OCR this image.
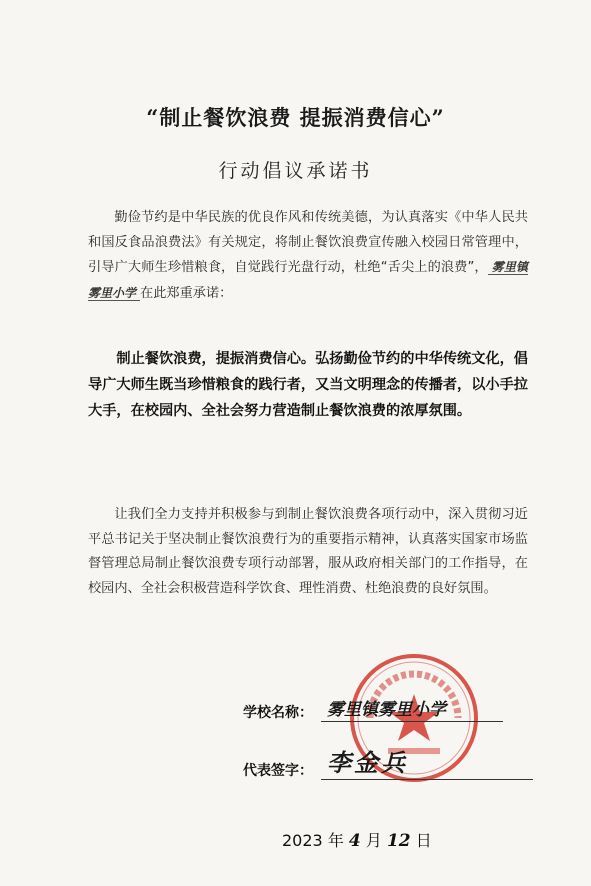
“制止餐饮浪费 提振消费信心”
行动倡议承诺书
勤俭节约是中华民族的优良作风和传统美德，为认真落实《中华人民共和国反食品浪费法》有关规定，将制止餐饮浪费宣传融入校园日常管理中，引导广大师生珍惜粮食，自觉践行光盘行动，杜绝“舌尖上的浪费”， 雾里镇雾里小学 在此郑重承诺：
制止餐饮浪费，提振消费信心。弘扬勤俭节约的中华传统文化，倡导广大师生既当珍惜粮食的践行者，又当文明理念的传播者，以小手拉大手，在校园内、全社会努力营造制止餐饮浪费的浓厚氛围。
让我们全力支持并积极参与到制止餐饮浪费各项行动中，深入贯彻习近平总书记关于坚决制止餐饮浪费行为的重要指示精神，认真落实国家市场监督管理总局制止餐饮浪费专项行动部署，服从政府相关部门的工作指导，在校园内、全社会积极营造科学饮食、理性消费、杜绝浪费的良好氛围。
学校名称： 雾里镇雾里小学
代表签字： 李金兵
2023 年 4 月 12 日
